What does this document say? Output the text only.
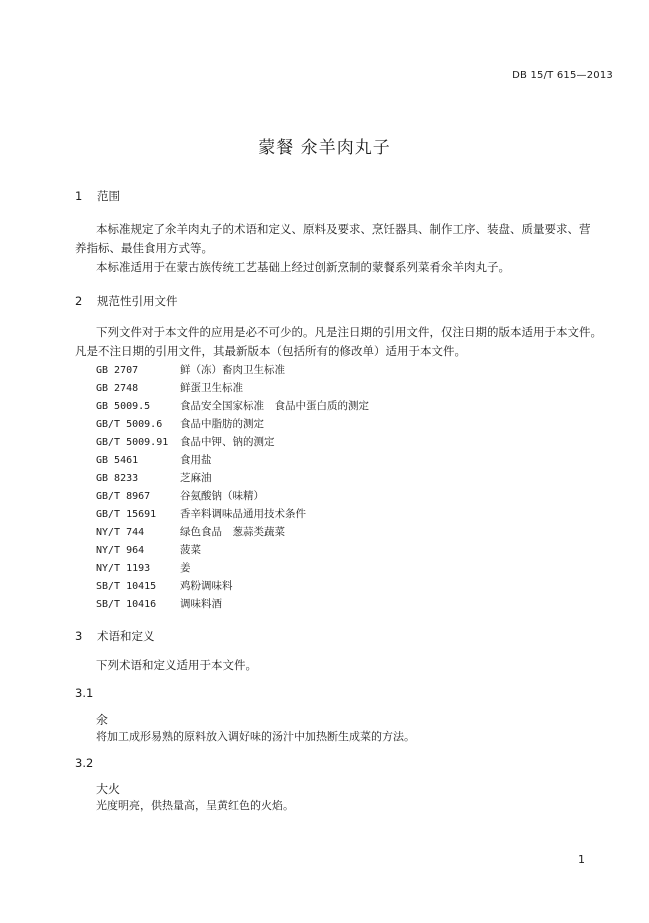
DB 15/T 615—2013
蒙餐 氽羊肉丸子
1 范围
本标准规定了氽羊肉丸子的术语和定义、原料及要求、烹饪器具、制作工序、装盘、质量要求、营
养指标、最佳食用方式等。
本标准适用于在蒙古族传统工艺基础上经过创新烹制的蒙餐系列菜肴氽羊肉丸子。
2 规范性引用文件
下列文件对于本文件的应用是必不可少的。凡是注日期的引用文件，仅注日期的版本适用于本文件。
凡是不注日期的引用文件，其最新版本（包括所有的修改单）适用于本文件。
GB 2707	鲜（冻）畜肉卫生标准
GB 2748	鲜蛋卫生标准
GB 5009.5	食品安全国家标准　食品中蛋白质的测定
GB/T 5009.6 食品中脂肪的测定
GB/T 5009.91 食品中钾、钠的测定
GB 5461	食用盐
GB 8233	芝麻油
GB/T 8967	谷氨酸钠（味精）
GB/T 15691 香辛料调味品通用技术条件
NY/T 744	绿色食品　葱蒜类蔬菜
NY/T 964	菠菜
NY/T 1193	姜
SB/T 10415 鸡粉调味料
SB/T 10416 调味料酒
3 术语和定义
下列术语和定义适用于本文件。
3.1
氽
将加工成形易熟的原料放入调好味的汤汁中加热断生成菜的方法。
3.2
大火
光度明亮，供热量高，呈黄红色的火焰。
1
